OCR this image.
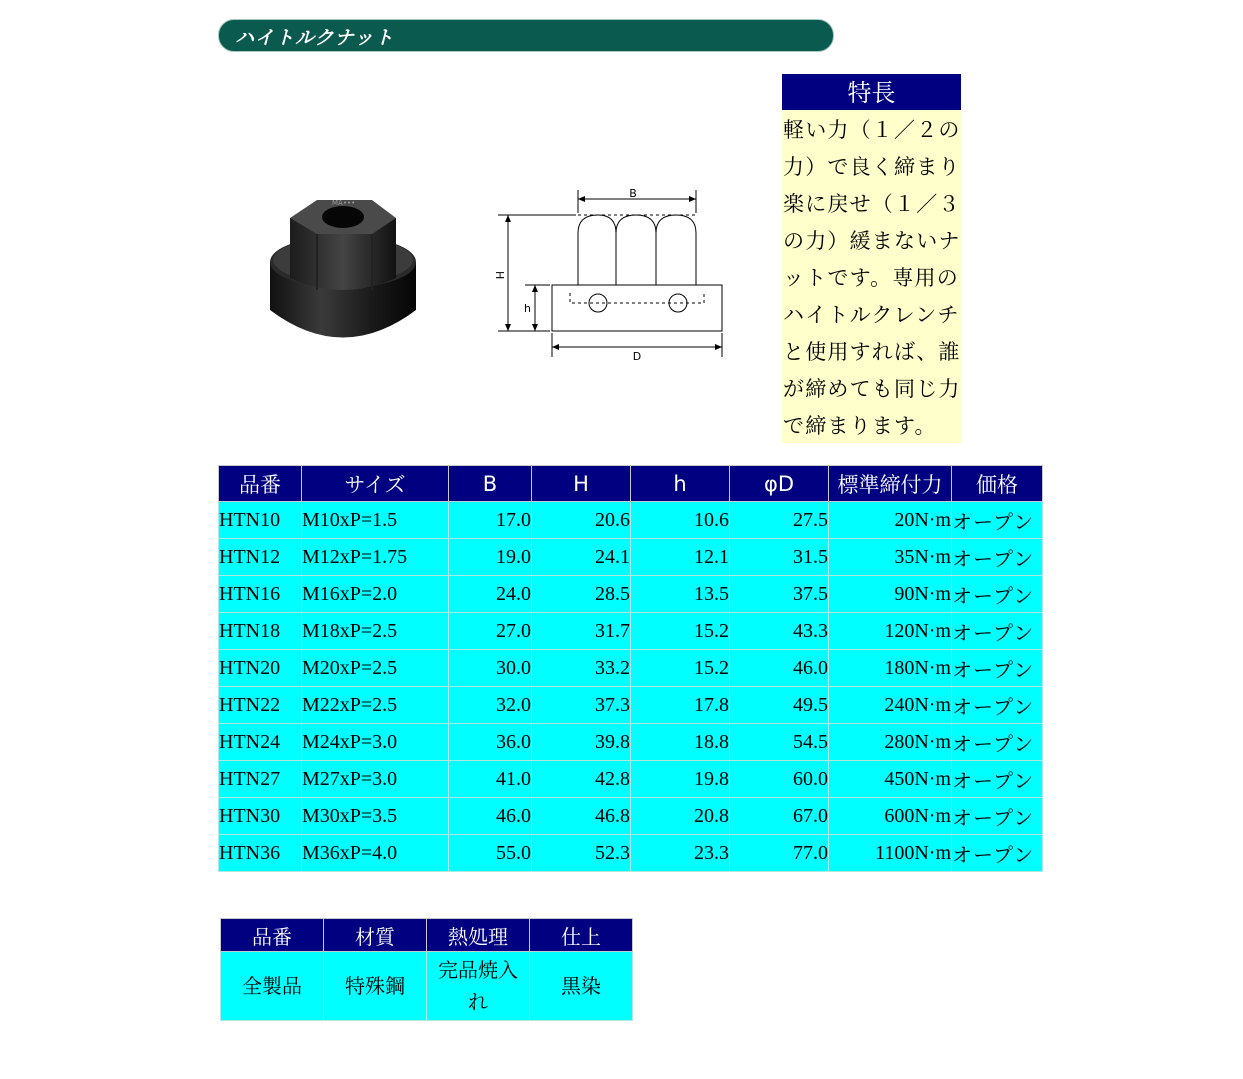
ハイトルクナット
MA•••
B
H
h
D
特長
軽い力（１／２の力）で良く締まり楽に戻せ（１／３の力）緩まないナットです。専用のハイトルクレンチと使用すれば、誰が締めても同じ力で締まります。
品番	サイズ	B	H	h	φD	標準締付力	価格
HTN10	M10xP=1.5	17.0	20.6	10.6	27.5	20N·m	オープン
HTN12	M12xP=1.75	19.0	24.1	12.1	31.5	35N·m	オープン
HTN16	M16xP=2.0	24.0	28.5	13.5	37.5	90N·m	オープン
HTN18	M18xP=2.5	27.0	31.7	15.2	43.3	120N·m	オープン
HTN20	M20xP=2.5	30.0	33.2	15.2	46.0	180N·m	オープン
HTN22	M22xP=2.5	32.0	37.3	17.8	49.5	240N·m	オープン
HTN24	M24xP=3.0	36.0	39.8	18.8	54.5	280N·m	オープン
HTN27	M27xP=3.0	41.0	42.8	19.8	60.0	450N·m	オープン
HTN30	M30xP=3.5	46.0	46.8	20.8	67.0	600N·m	オープン
HTN36	M36xP=4.0	55.0	52.3	23.3	77.0	1100N·m	オープン
品番	材質	熱処理	仕上
全製品	特殊鋼	完品焼入れ	黒染
